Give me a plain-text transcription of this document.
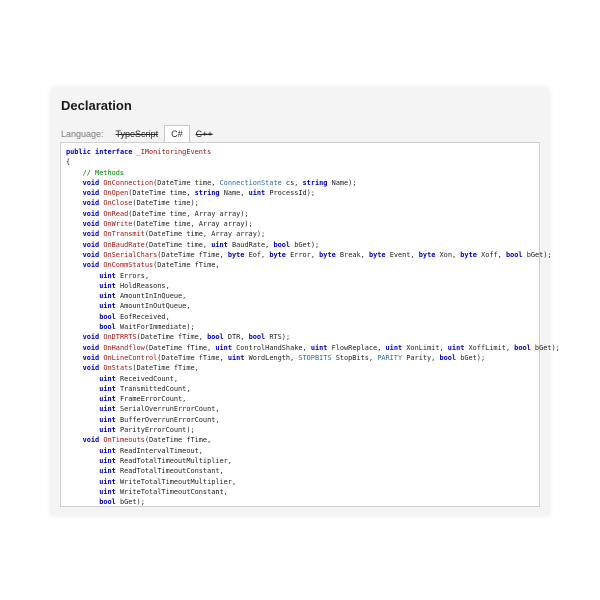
Declaration
Language:	TypeScript	C#	C++
public interface _IMonitoringEvents
{
// Methods
void OnConnection(DateTime time, ConnectionState cs, string Name);
void OnOpen(DateTime time, string Name, uint ProcessId);
void OnClose(DateTime time);
void OnRead(DateTime time, Array array);
void OnWrite(DateTime time, Array array);
void OnTransmit(DateTime time, Array array);
void OnBaudRate(DateTime time, uint BaudRate, bool bGet);
void OnSerialChars(DateTime fTime, byte Eof, byte Error, byte Break, byte Event, byte Xon, byte Xoff, bool bGet);
void OnCommStatus(DateTime fTime,
uint Errors,
uint HoldReasons,
uint AmountInInQueue,
uint AmountInOutQueue,
bool EofReceived,
bool WaitForImmediate);
void OnDTRRTS(DateTime fTime, bool DTR, bool RTS);
void OnHandflow(DateTime fTime, uint ControlHandShake, uint FlowReplace, uint XonLimit, uint XoffLimit, bool bGet);
void OnLineControl(DateTime fTime, uint WordLength, STOPBITS StopBits, PARITY Parity, bool bGet);
void OnStats(DateTime fTime,
uint ReceivedCount,
uint TransmittedCount,
uint FrameErrorCount,
uint SerialOverrunErrorCount,
uint BufferOverrunErrorCount,
uint ParityErrorCount);
void OnTimeouts(DateTime fTime,
uint ReadIntervalTimeout,
uint ReadTotalTimeoutMultiplier,
uint ReadTotalTimeoutConstant,
uint WriteTotalTimeoutMultiplier,
uint WriteTotalTimeoutConstant,
bool bGet);
